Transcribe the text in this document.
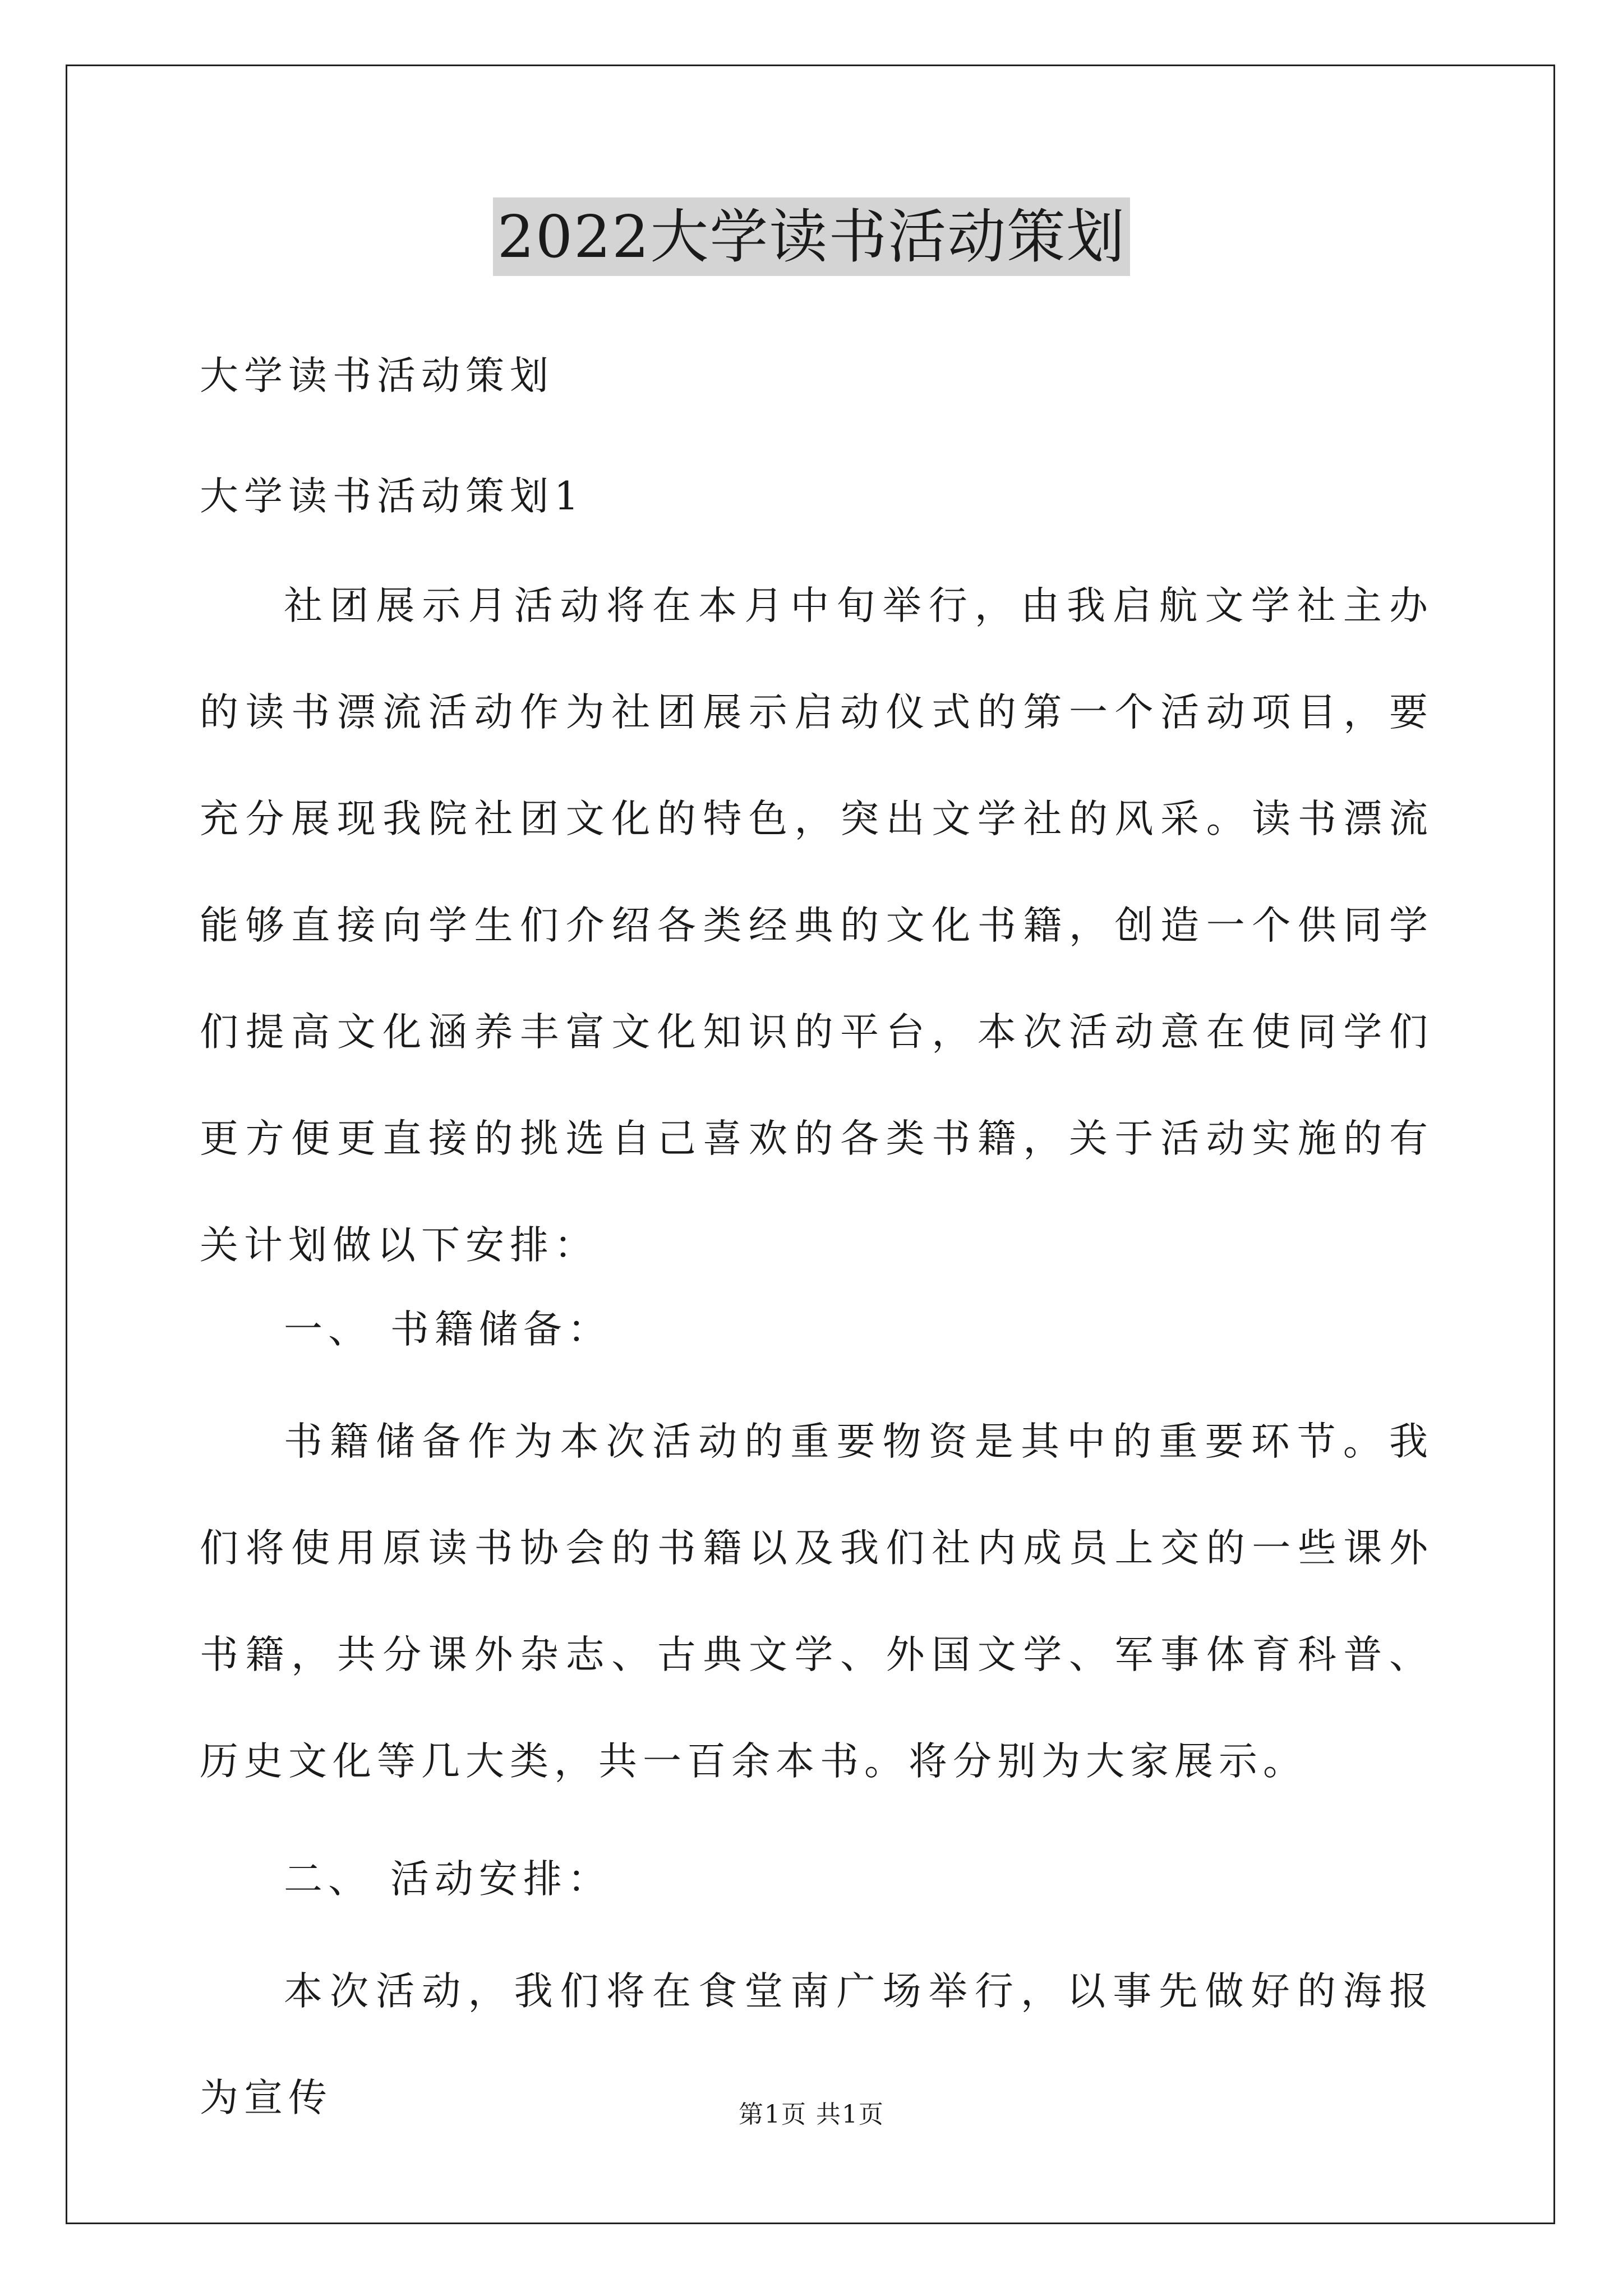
2022大学读书活动策划

大学读书活动策划

大学读书活动策划1

社团展示月活动将在本月中旬举行，由我启航文学社主办的读书漂流活动作为社团展示启动仪式的第一个活动项目，要充分展现我院社团文化的特色，突出文学社的风采。读书漂流能够直接向学生们介绍各类经典的文化书籍，创造一个供同学们提高文化涵养丰富文化知识的平台，本次活动意在使同学们更方便更直接的挑选自己喜欢的各类书籍，关于活动实施的有关计划做以下安排：

一、 书籍储备：

书籍储备作为本次活动的重要物资是其中的重要环节。我们将使用原读书协会的书籍以及我们社内成员上交的一些课外书籍，共分课外杂志、古典文学、外国文学、军事体育科普、历史文化等几大类，共一百余本书。将分别为大家展示。

二、 活动安排：

本次活动，我们将在食堂南广场举行，以事先做好的海报为宣传	第1页 共1页
